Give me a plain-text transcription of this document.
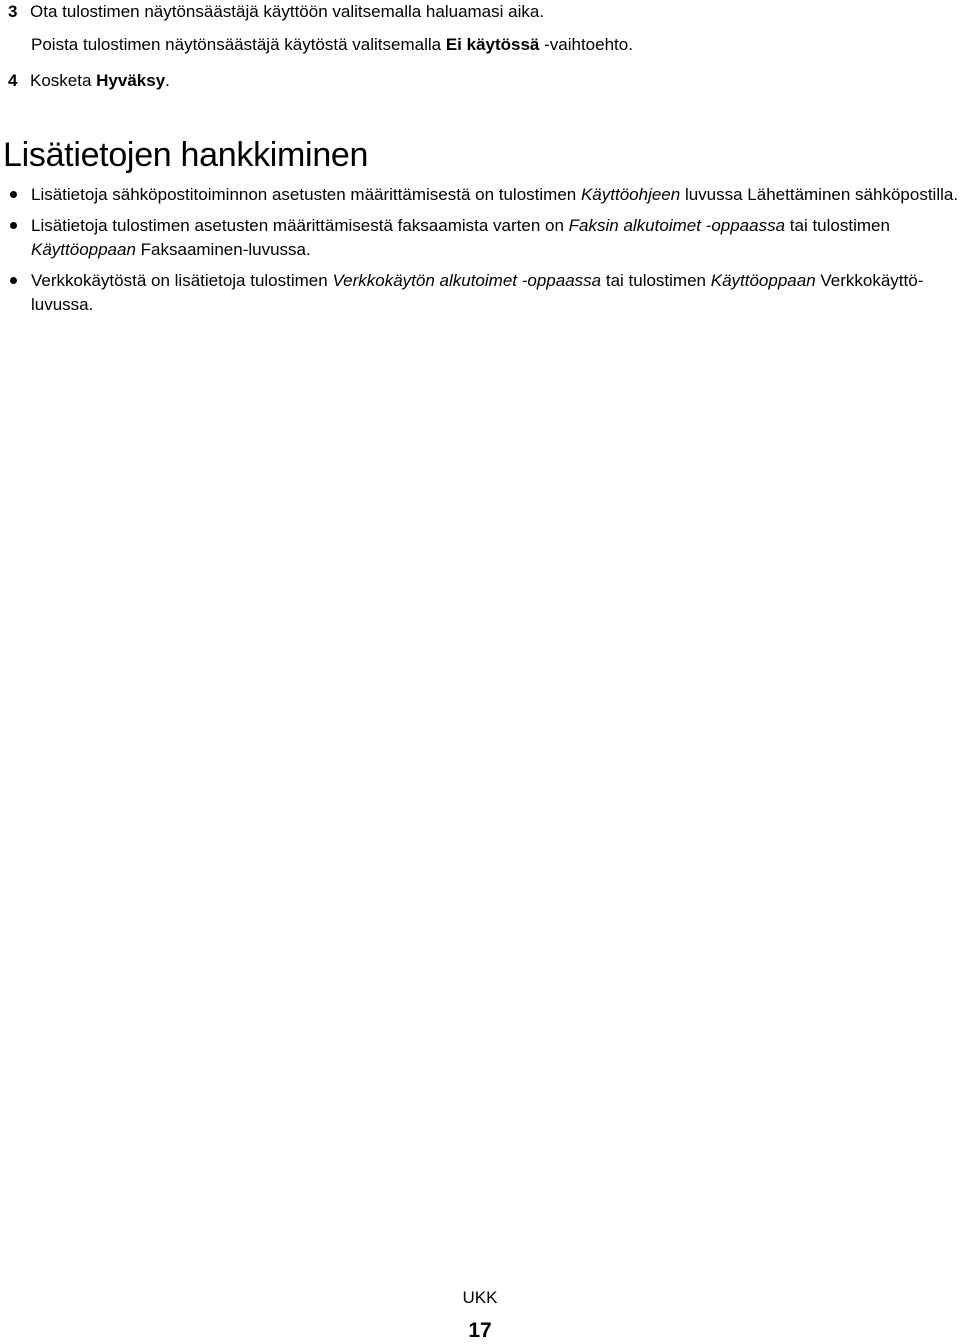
3 Ota tulostimen näytönsäästäjä käyttöön valitsemalla haluamasi aika.
Poista tulostimen näytönsäästäjä käytöstä valitsemalla Ei käytössä -vaihtoehto.
4 Kosketa Hyväksy.
Lisätietojen hankkiminen
Lisätietoja sähköpostitoiminnon asetusten määrittämisestä on tulostimen Käyttöohjeen luvussa Lähettäminen sähköpostilla.
Lisätietoja tulostimen asetusten määrittämisestä faksaamista varten on Faksin alkutoimet -oppaassa tai tulostimen Käyttöoppaan Faksaaminen-luvussa.
Verkkokäytöstä on lisätietoja tulostimen Verkkokäytön alkutoimet -oppaassa tai tulostimen Käyttöoppaan Verkkokäyttö-luvussa.
UKK
17
